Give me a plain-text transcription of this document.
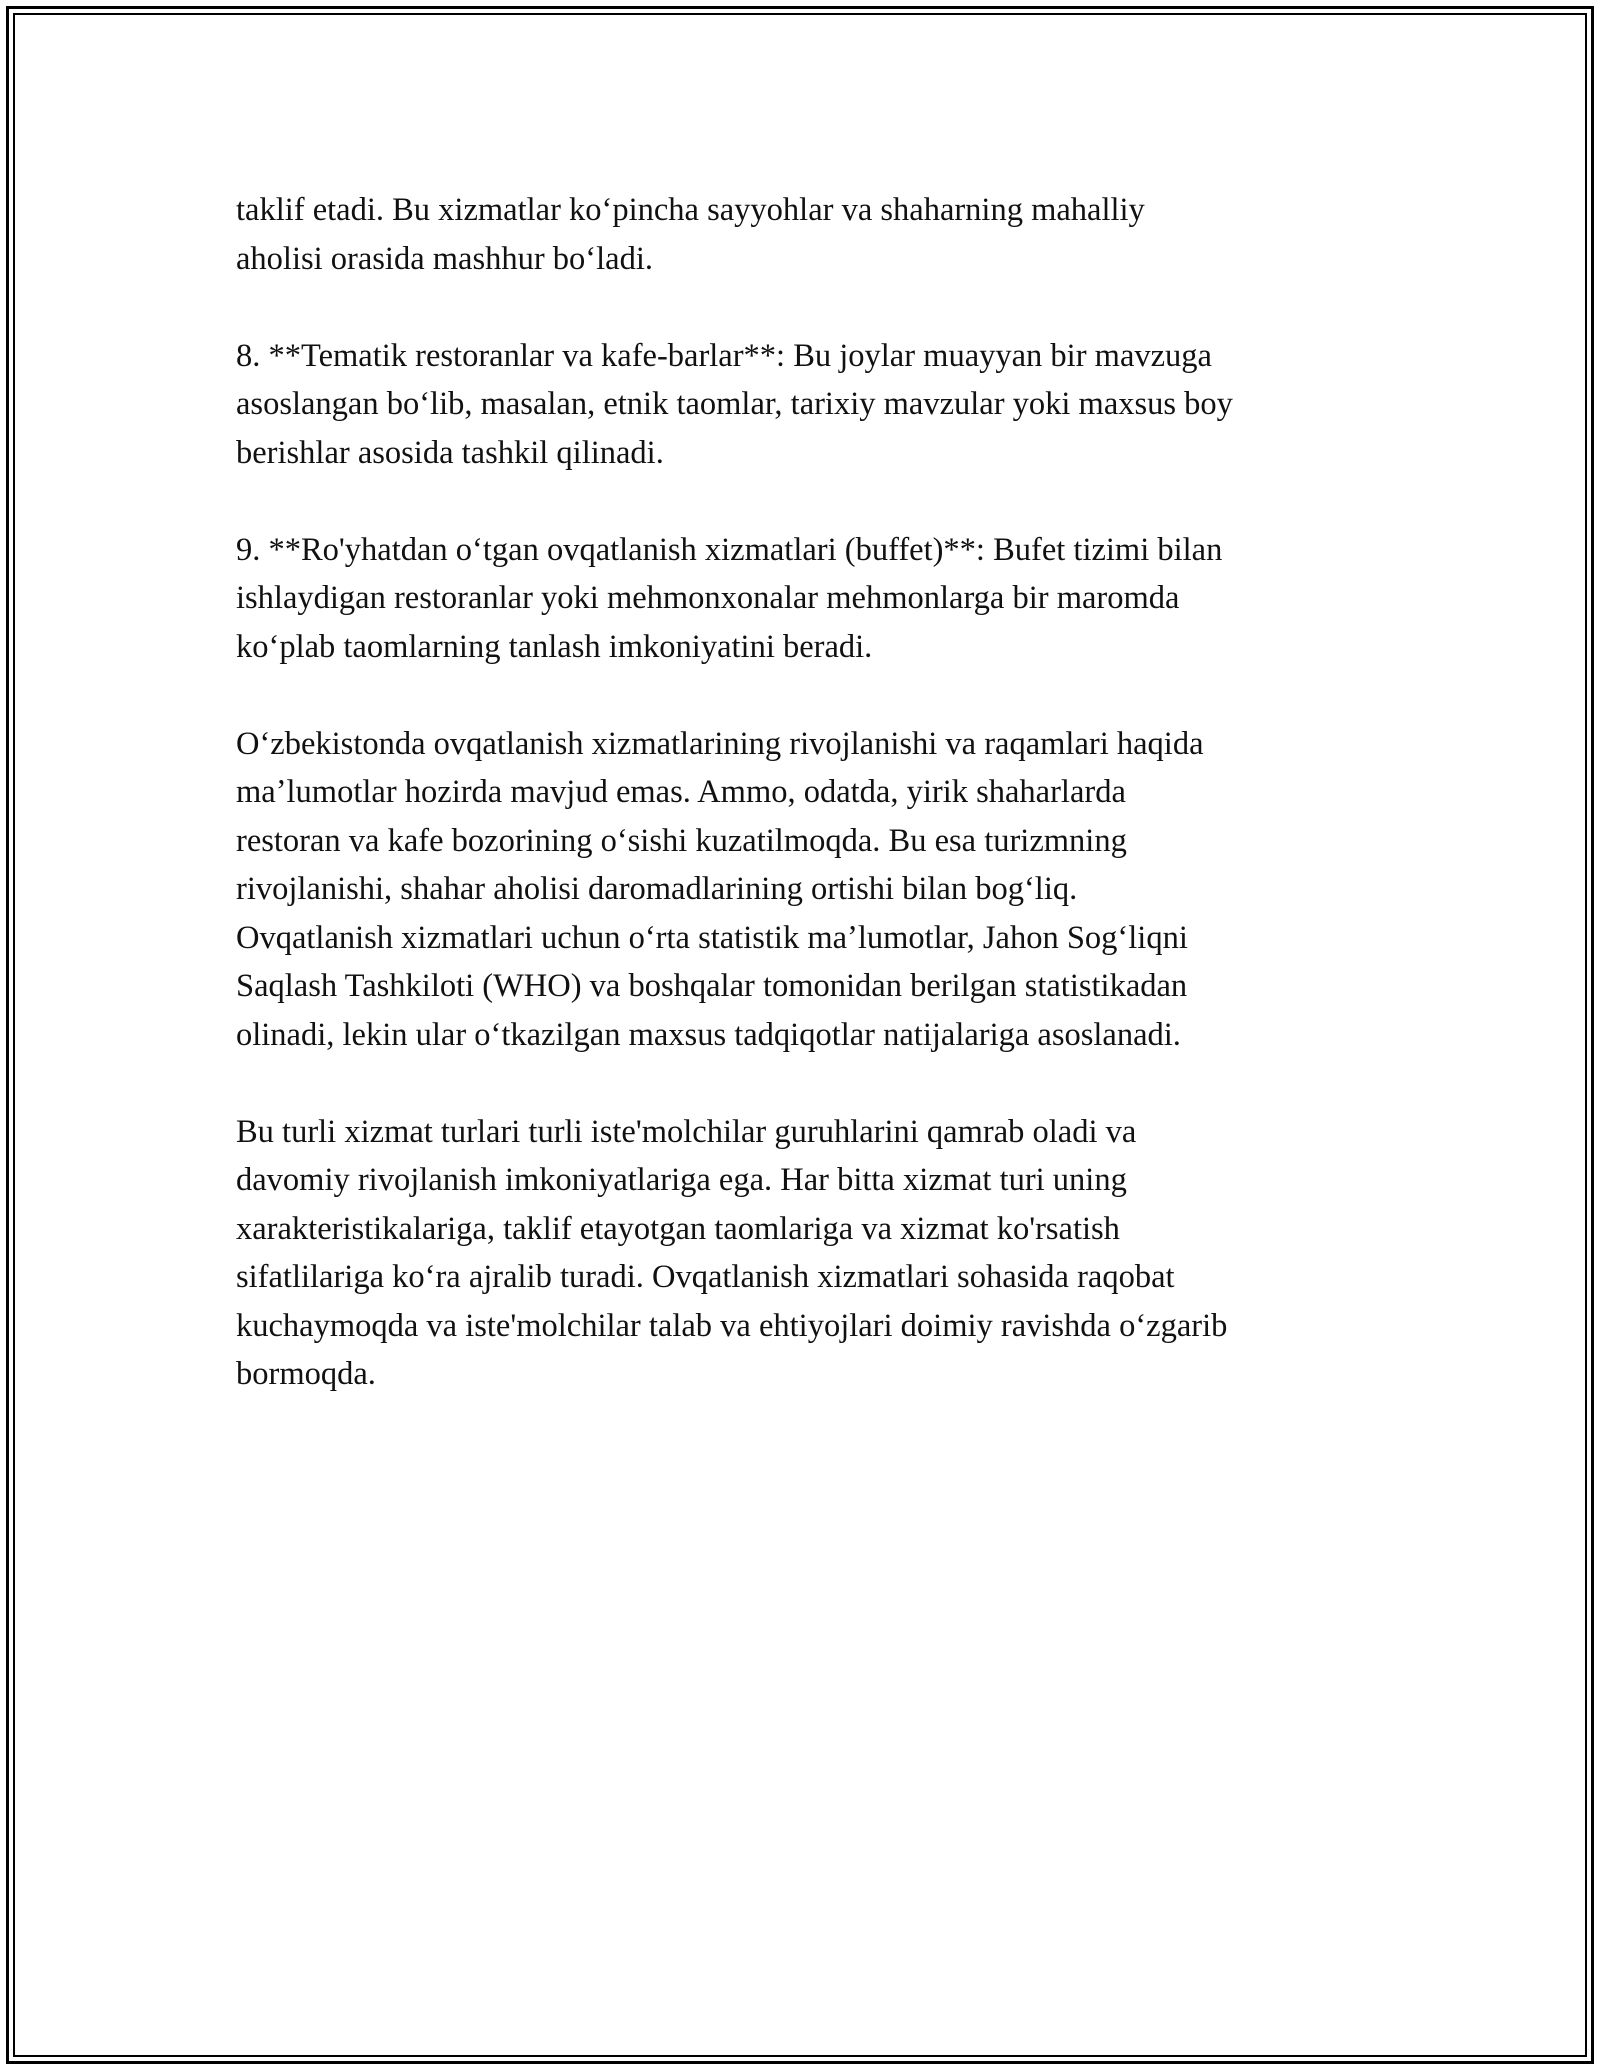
taklif etadi. Bu xizmatlar koʻpincha sayyohlar va shaharning mahalliy
aholisi orasida mashhur boʻladi.

8. **Tematik restoranlar va kafe-barlar**: Bu joylar muayyan bir mavzuga
asoslangan boʻlib, masalan, etnik taomlar, tarixiy mavzular yoki maxsus boy
berishlar asosida tashkil qilinadi.

9. **Ro'yhatdan oʻtgan ovqatlanish xizmatlari (buffet)**: Bufet tizimi bilan
ishlaydigan restoranlar yoki mehmonxonalar mehmonlarga bir maromda
koʻplab taomlarning tanlash imkoniyatini beradi.

Oʻzbekistonda ovqatlanish xizmatlarining rivojlanishi va raqamlari haqida
maʼlumotlar hozirda mavjud emas. Ammo, odatda, yirik shaharlarda
restoran va kafe bozorining oʻsishi kuzatilmoqda. Bu esa turizmning
rivojlanishi, shahar aholisi daromadlarining ortishi bilan bogʻliq.
Ovqatlanish xizmatlari uchun oʻrta statistik maʼlumotlar, Jahon Sogʻliqni
Saqlash Tashkiloti (WHO) va boshqalar tomonidan berilgan statistikadan
olinadi, lekin ular oʻtkazilgan maxsus tadqiqotlar natijalariga asoslanadi.

Bu turli xizmat turlari turli iste'molchilar guruhlarini qamrab oladi va
davomiy rivojlanish imkoniyatlariga ega. Har bitta xizmat turi uning
xarakteristikalariga, taklif etayotgan taomlariga va xizmat ko'rsatish
sifatlilariga koʻra ajralib turadi. Ovqatlanish xizmatlari sohasida raqobat
kuchaymoqda va iste'molchilar talab va ehtiyojlari doimiy ravishda oʻzgarib
bormoqda.
